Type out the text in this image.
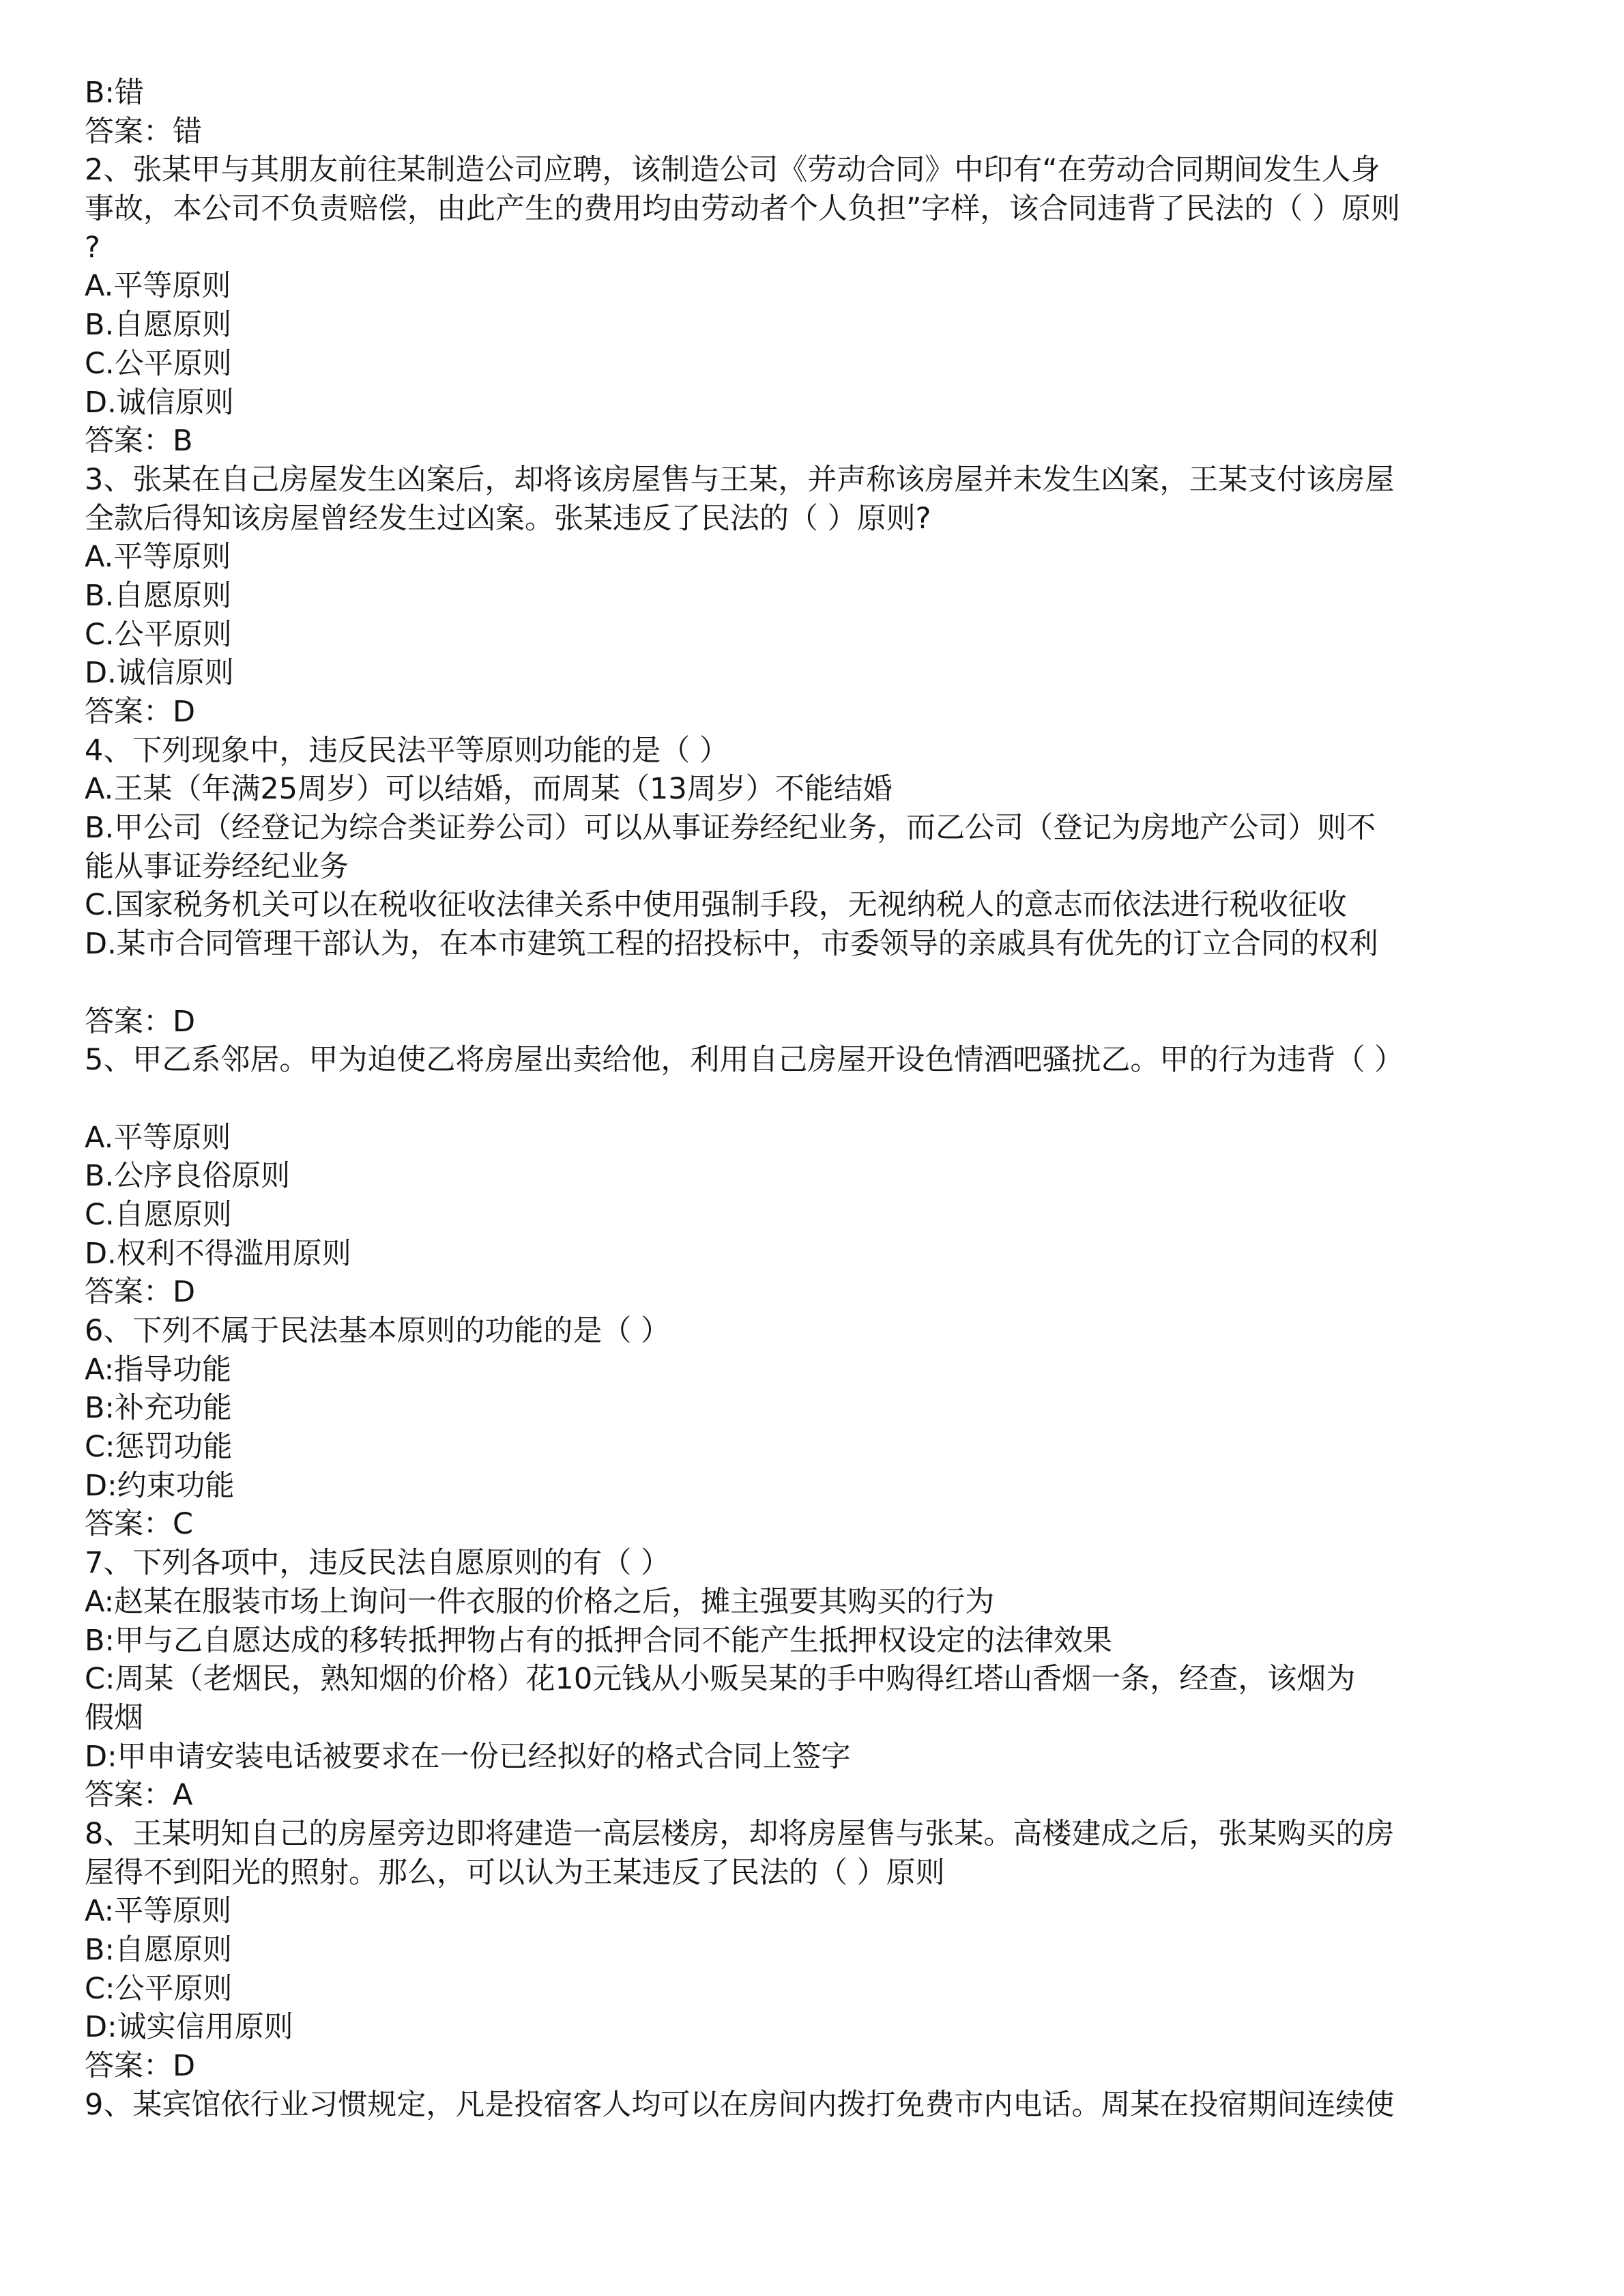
B:错
答案：错
2、张某甲与其朋友前往某制造公司应聘，该制造公司《劳动合同》中印有“在劳动合同期间发生人身
事故，本公司不负责赔偿，由此产生的费用均由劳动者个人负担”字样，该合同违背了民法的（ ）原则
?
A.平等原则
B.自愿原则
C.公平原则
D.诚信原则
答案：B
3、张某在自己房屋发生凶案后，却将该房屋售与王某，并声称该房屋并未发生凶案，王某支付该房屋
全款后得知该房屋曾经发生过凶案。张某违反了民法的（ ）原则?
A.平等原则
B.自愿原则
C.公平原则
D.诚信原则
答案：D
4、下列现象中，违反民法平等原则功能的是（ ）
A.王某（年满25周岁）可以结婚，而周某（13周岁）不能结婚
B.甲公司（经登记为综合类证券公司）可以从事证券经纪业务，而乙公司（登记为房地产公司）则不
能从事证券经纪业务
C.国家税务机关可以在税收征收法律关系中使用强制手段，无视纳税人的意志而依法进行税收征收
D.某市合同管理干部认为，在本市建筑工程的招投标中，市委领导的亲戚具有优先的订立合同的权利
答案：D
5、甲乙系邻居。甲为迫使乙将房屋出卖给他，利用自己房屋开设色情酒吧骚扰乙。甲的行为违背（ ）
A.平等原则
B.公序良俗原则
C.自愿原则
D.权利不得滥用原则
答案：D
6、下列不属于民法基本原则的功能的是（ ）
A:指导功能
B:补充功能
C:惩罚功能
D:约束功能
答案：C
7、下列各项中，违反民法自愿原则的有（ ）
A:赵某在服装市场上询问一件衣服的价格之后，摊主强要其购买的行为
B:甲与乙自愿达成的移转抵押物占有的抵押合同不能产生抵押权设定的法律效果
C:周某（老烟民，熟知烟的价格）花10元钱从小贩吴某的手中购得红塔山香烟一条，经查，该烟为
假烟
D:甲申请安装电话被要求在一份已经拟好的格式合同上签字
答案：A
8、王某明知自己的房屋旁边即将建造一高层楼房，却将房屋售与张某。高楼建成之后，张某购买的房
屋得不到阳光的照射。那么，可以认为王某违反了民法的（ ）原则
A:平等原则
B:自愿原则
C:公平原则
D:诚实信用原则
答案：D
9、某宾馆依行业习惯规定，凡是投宿客人均可以在房间内拨打免费市内电话。周某在投宿期间连续使
